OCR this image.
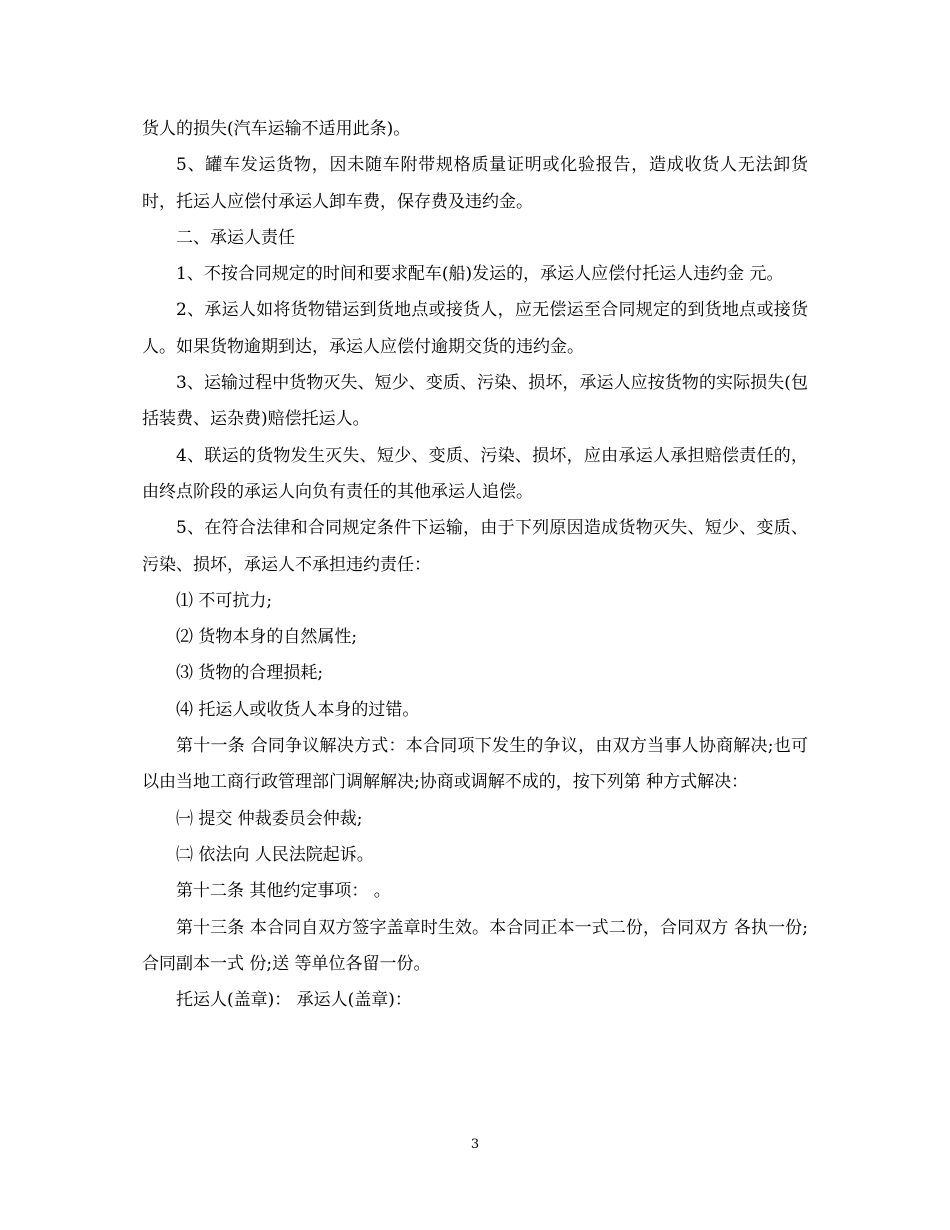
货人的损失(汽车运输不适用此条)。

5、罐车发运货物，因未随车附带规格质量证明或化验报告，造成收货人无法卸货时，托运人应偿付承运人卸车费，保存费及违约金。

二、承运人责任

1、不按合同规定的时间和要求配车(船)发运的，承运人应偿付托运人违约金 元。

2、承运人如将货物错运到货地点或接货人，应无偿运至合同规定的到货地点或接货人。如果货物逾期到达，承运人应偿付逾期交货的违约金。

3、运输过程中货物灭失、短少、变质、污染、损坏，承运人应按货物的实际损失(包括装费、运杂费)赔偿托运人。

4、联运的货物发生灭失、短少、变质、污染、损坏，应由承运人承担赔偿责任的，由终点阶段的承运人向负有责任的其他承运人追偿。

5、在符合法律和合同规定条件下运输，由于下列原因造成货物灭失、短少、变质、污染、损坏，承运人不承担违约责任：

⑴ 不可抗力;

⑵ 货物本身的自然属性;

⑶ 货物的合理损耗;

⑷ 托运人或收货人本身的过错。

第十一条 合同争议解决方式：本合同项下发生的争议，由双方当事人协商解决;也可以由当地工商行政管理部门调解解决;协商或调解不成的，按下列第 种方式解决：

㈠ 提交 仲裁委员会仲裁;

㈡ 依法向 人民法院起诉。

第十二条 其他约定事项： 。

第十三条 本合同自双方签字盖章时生效。本合同正本一式二份，合同双方 各执一份;合同副本一式 份;送 等单位各留一份。

托运人(盖章)： 承运人(盖章)：

3
